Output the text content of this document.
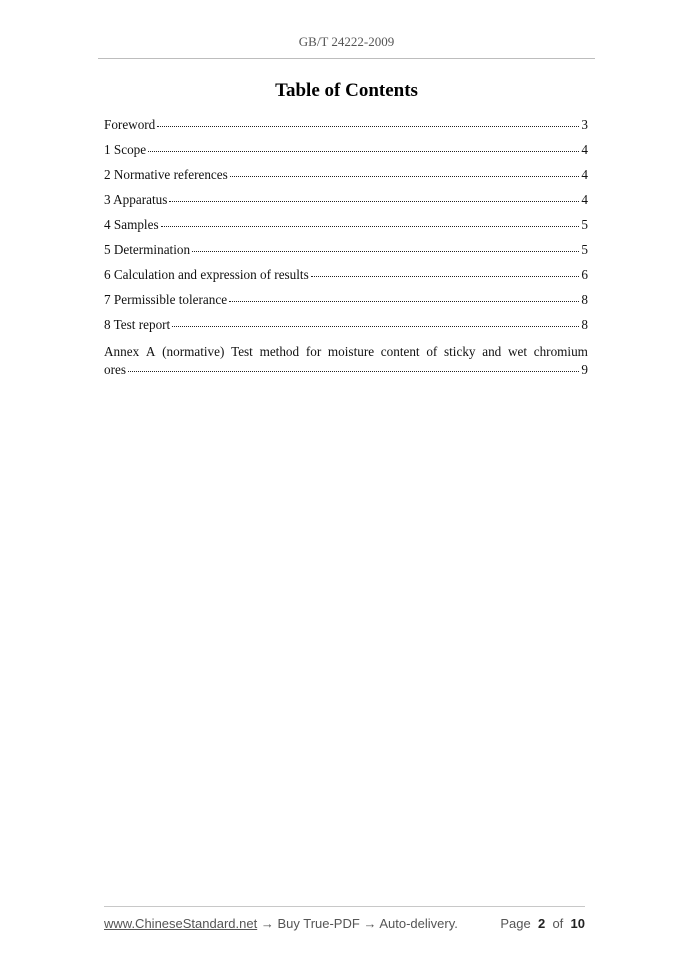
GB/T 24222-2009
Table of Contents
Foreword	3
1 Scope	4
2 Normative references	4
3 Apparatus	4
4 Samples	5
5 Determination	5
6 Calculation and expression of results	6
7 Permissible tolerance	8
8 Test report	8
Annex A (normative) Test method for moisture content of sticky and wet chromium
ores	9
www.ChineseStandard.net → Buy True-PDF → Auto-delivery.	Page 2 of 10
